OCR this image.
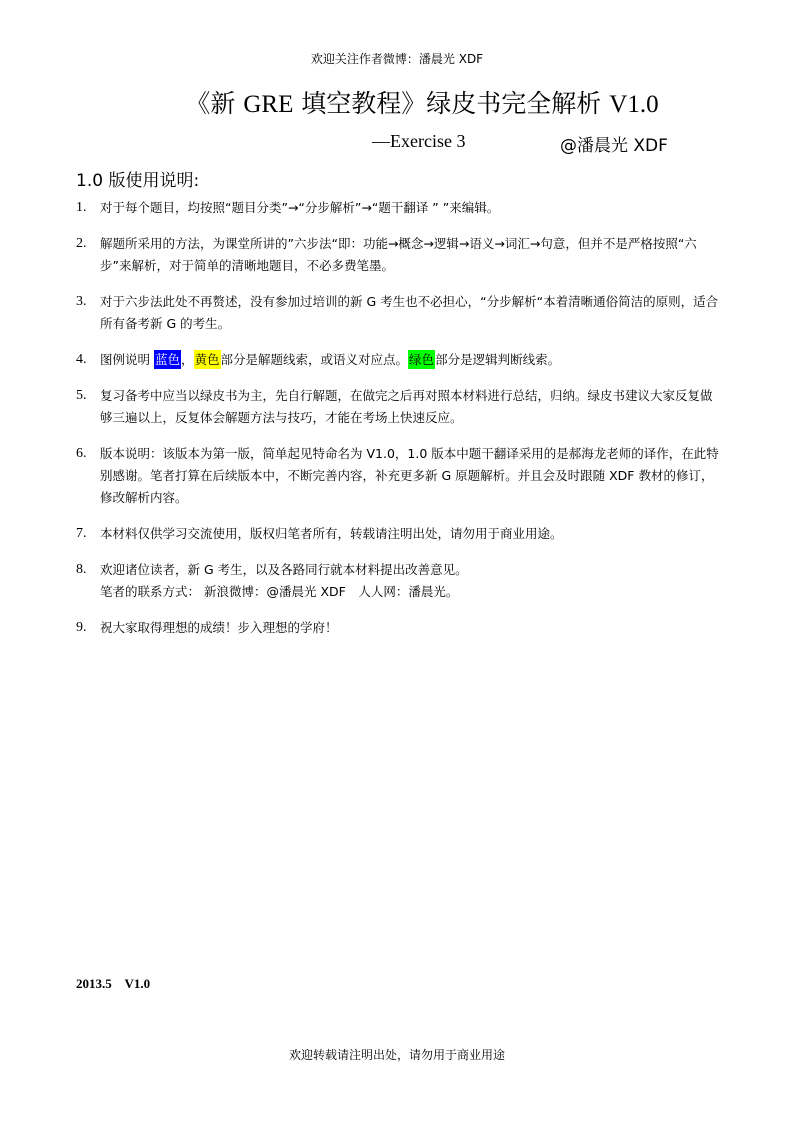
欢迎关注作者微博：潘晨光 XDF
《新 GRE 填空教程》绿皮书完全解析 V1.0
—Exercise 3	@潘晨光 XDF
1.0 版使用说明:
1.	对于每个题目，均按照“题目分类”→“分步解析”→“题干翻译 ” ”来编辑。
2.	解题所采用的方法，为课堂所讲的”六步法“即：功能→概念→逻辑→语义→词汇→句意，但并不是严格按照“六步”来解析，对于简单的清晰地题目，不必多费笔墨。
3.	对于六步法此处不再赘述，没有参加过培训的新 G 考生也不必担心，“分步解析“本着清晰通俗简洁的原则，适合所有备考新 G 的考生。
4.	图例说明 蓝色，黄色部分是解题线索，或语义对应点。绿色部分是逻辑判断线索。
5.	复习备考中应当以绿皮书为主，先自行解题，在做完之后再对照本材料进行总结，归纳。绿皮书建议大家反复做够三遍以上，反复体会解题方法与技巧，才能在考场上快速反应。
6.	版本说明：该版本为第一版，简单起见特命名为 V1.0，1.0 版本中题干翻译采用的是郝海龙老师的译作，在此特别感谢。笔者打算在后续版本中，不断完善内容，补充更多新 G 原题解析。并且会及时跟随 XDF 教材的修订，修改解析内容。
7.	本材料仅供学习交流使用，版权归笔者所有，转载请注明出处，请勿用于商业用途。
8.	欢迎诸位读者，新 G 考生，以及各路同行就本材料提出改善意见。
笔者的联系方式： 新浪微博：@潘晨光 XDF　人人网：潘晨光。
9.	祝大家取得理想的成绩！步入理想的学府！
2013.5    V1.0
欢迎转载请注明出处，请勿用于商业用途
